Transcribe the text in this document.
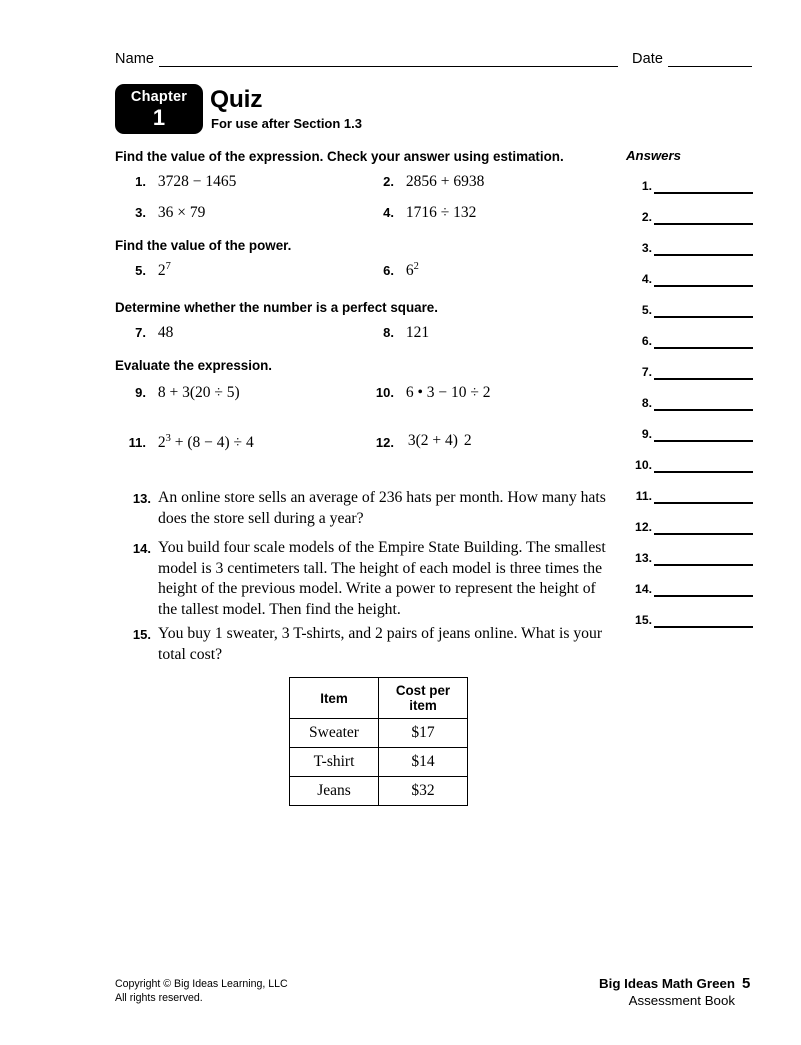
Name	Date
Chapter
1
Quiz
For use after Section 1.3
Find the value of the expression. Check your answer using estimation.
1. 3728 − 1465	2. 2856 + 6938
3. 36 × 79	4. 1716 ÷ 132
Find the value of the power.
5. $2^7$	6. $6^2$
Determine whether the number is a perfect square.
7. 48	8. 121
Evaluate the expression.
9. 8 + 3(20 ÷ 5)	10. 6 • 3 − 10 ÷ 2
11. $2^3 + (8 - 4) \div 4$	12. 3(2 + 4) 2
13. An online store sells an average of 236 hats per month. How many hats does the store sell during a year?
14. You build four scale models of the Empire State Building. The smallest model is 3 centimeters tall. The height of each model is three times the height of the previous model. Write a power to represent the height of the tallest model. Then find the height.
15. You buy 1 sweater, 3 T-shirts, and 2 pairs of jeans online. What is your total cost?
Item	Cost per item
Sweater	$17
T-shirt	$14
Jeans	$32
Answers
1.
2.
3.
4.
5.
6.
7.
8.
9.
10.
11.
12.
13.
14.
15.
Copyright © Big Ideas Learning, LLC
All rights reserved.
Big Ideas Math Green
Assessment Book
5
